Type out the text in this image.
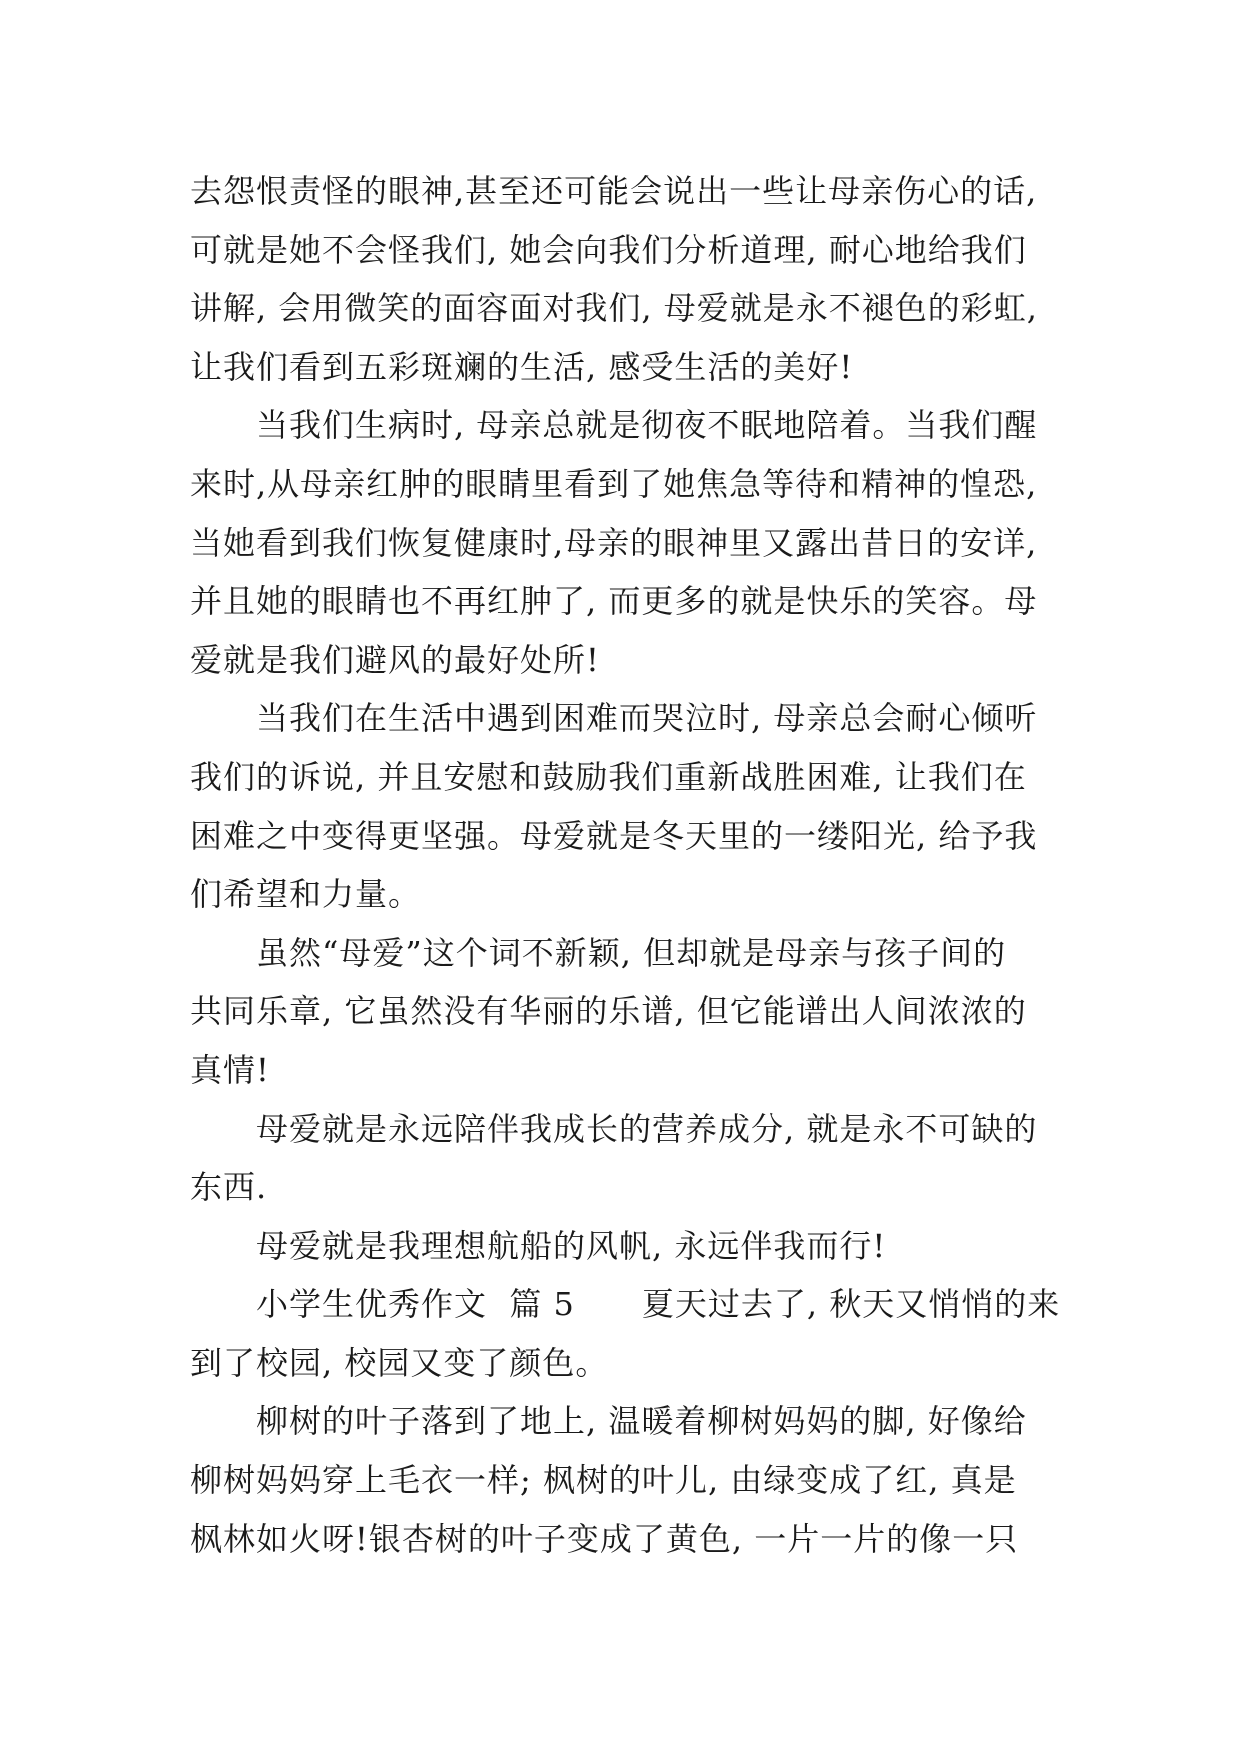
去怨恨责怪的眼神,甚至还可能会说出一些让母亲伤心的话,
可就是她不会怪我们, 她会向我们分析道理, 耐心地给我们
讲解, 会用微笑的面容面对我们, 母爱就是永不褪色的彩虹,
让我们看到五彩斑斓的生活, 感受生活的美好!
当我们生病时, 母亲总就是彻夜不眠地陪着。当我们醒
来时,从母亲红肿的眼睛里看到了她焦急等待和精神的惶恐,
当她看到我们恢复健康时,母亲的眼神里又露出昔日的安详,
并且她的眼睛也不再红肿了, 而更多的就是快乐的笑容。母
爱就是我们避风的最好处所!
当我们在生活中遇到困难而哭泣时, 母亲总会耐心倾听
我们的诉说, 并且安慰和鼓励我们重新战胜困难, 让我们在
困难之中变得更坚强。母爱就是冬天里的一缕阳光, 给予我
们希望和力量。
虽然“母爱”这个词不新颖, 但却就是母亲与孩子间的
共同乐章, 它虽然没有华丽的乐谱, 但它能谱出人间浓浓的
真情!
母爱就是永远陪伴我成长的营养成分, 就是永不可缺的
东西.
母爱就是我理想航船的风帆, 永远伴我而行!
小学生优秀作文  篇 5      夏天过去了, 秋天又悄悄的来
到了校园, 校园又变了颜色。
柳树的叶子落到了地上, 温暖着柳树妈妈的脚, 好像给
柳树妈妈穿上毛衣一样; 枫树的叶儿, 由绿变成了红, 真是
枫林如火呀!银杏树的叶子变成了黄色, 一片一片的像一只
